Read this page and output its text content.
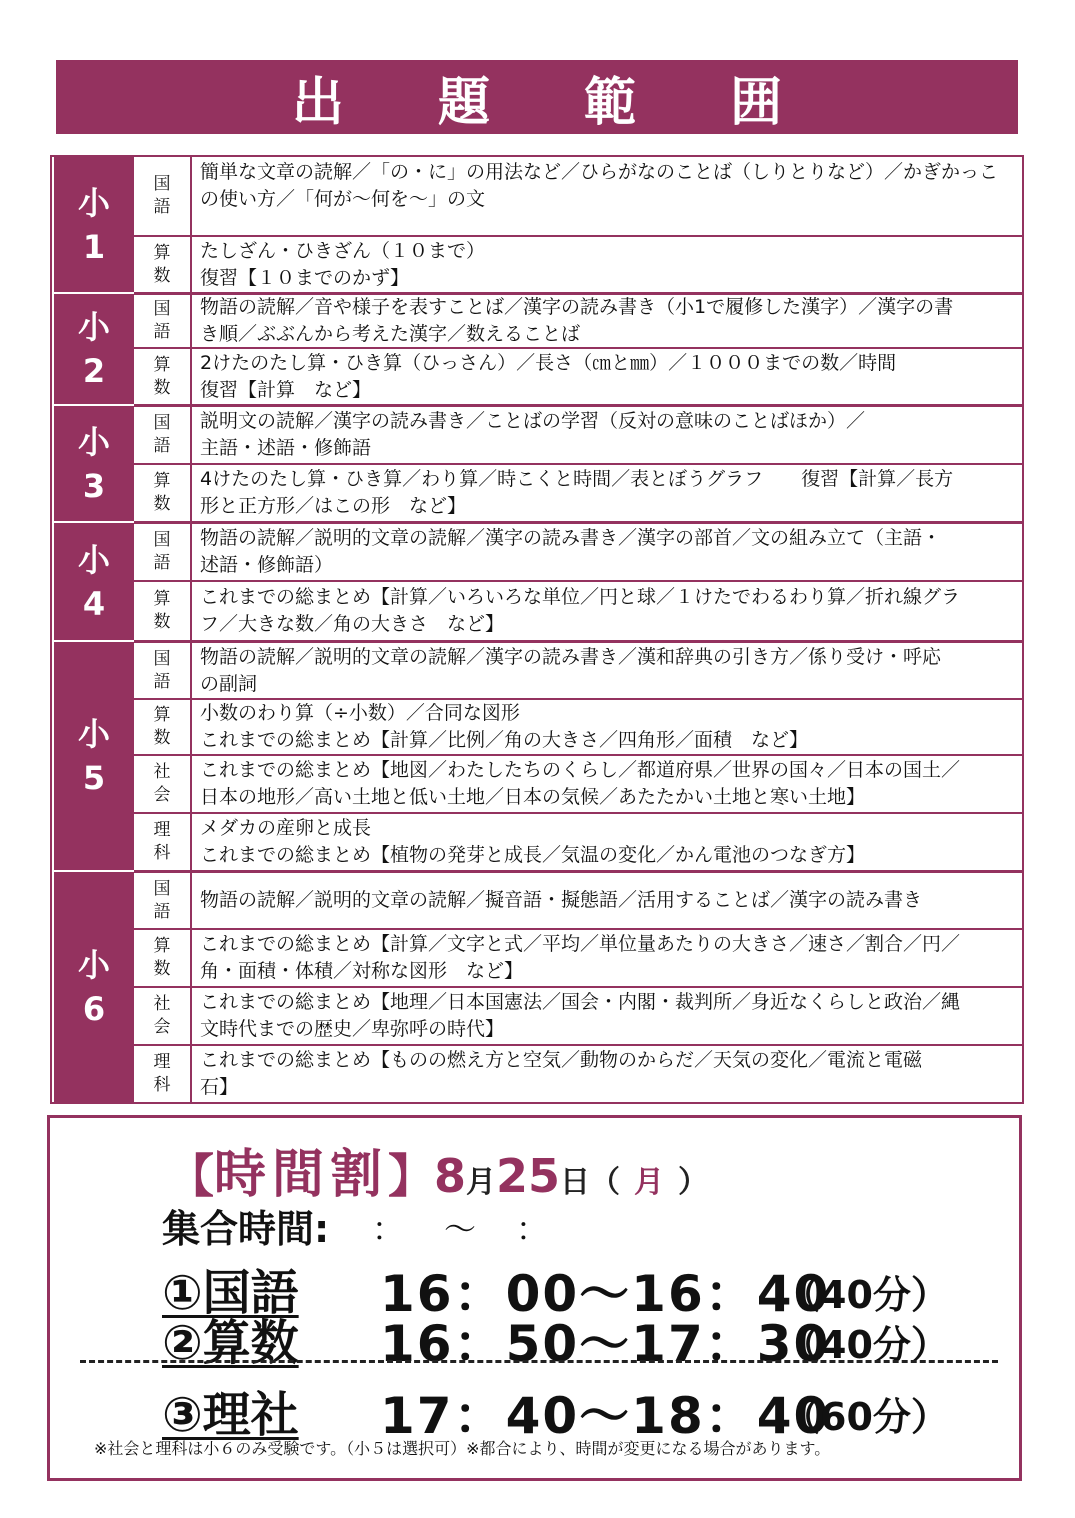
出 題 範 囲
小
1
国
語
簡単な文章の読解／「の・に」の用法など／ひらがなのことば（しりとりなど）／かぎかっこ
の使い方／「何が～何を～」の文
算
数
たしざん・ひきざん（１０まで）
復習【１０までのかず】
小
2
国
語
物語の読解／音や様子を表すことば／漢字の読み書き（小1で履修した漢字）／漢字の書
き順／ぶぶんから考えた漢字／数えることば
算
数
2けたのたし算・ひき算（ひっさん）／長さ（㎝と㎜）／１０００までの数／時間
復習【計算　など】
小
3
国
語
説明文の読解／漢字の読み書き／ことばの学習（反対の意味のことばほか）／
主語・述語・修飾語
算
数
4けたのたし算・ひき算／わり算／時こくと時間／表とぼうグラフ　　復習【計算／長方
形と正方形／はこの形　など】
小
4
国
語
物語の読解／説明的文章の読解／漢字の読み書き／漢字の部首／文の組み立て（主語・
述語・修飾語）
算
数
これまでの総まとめ【計算／いろいろな単位／円と球／１けたでわるわり算／折れ線グラ
フ／大きな数／角の大きさ　など】
小
5
国
語
物語の読解／説明的文章の読解／漢字の読み書き／漢和辞典の引き方／係り受け・呼応
の副詞
算
数
小数のわり算（÷小数）／合同な図形
これまでの総まとめ【計算／比例／角の大きさ／四角形／面積　など】
社
会
これまでの総まとめ【地図／わたしたちのくらし／都道府県／世界の国々／日本の国土／
日本の地形／高い土地と低い土地／日本の気候／あたたかい土地と寒い土地】
理
科
メダカの産卵と成長
これまでの総まとめ【植物の発芽と成長／気温の変化／かん電池のつなぎ方】
小
6
国
語
物語の読解／説明的文章の読解／擬音語・擬態語／活用することば／漢字の読み書き
算
数
これまでの総まとめ【計算／文字と式／平均／単位量あたりの大きさ／速さ／割合／円／
角・面積・体積／対称な図形　など】
社
会
これまでの総まとめ【地理／日本国憲法／国会・内閣・裁判所／身近なくらしと政治／縄
文時代までの歴史／卑弥呼の時代】
理
科
これまでの総まとめ【ものの燃え方と空気／動物のからだ／天気の変化／電流と電磁
石】
【 時間割 】 8 月 25 日 （ 月 ）
集合時間: ：～：
①国語 16：00～16：40
（40分）
②算数 16：50～17：30
（40分）
③理社 17：40～18：40
（60分）
※社会と理科は小６のみ受験です。（小５は選択可）※都合により、時間が変更になる場合があります。
